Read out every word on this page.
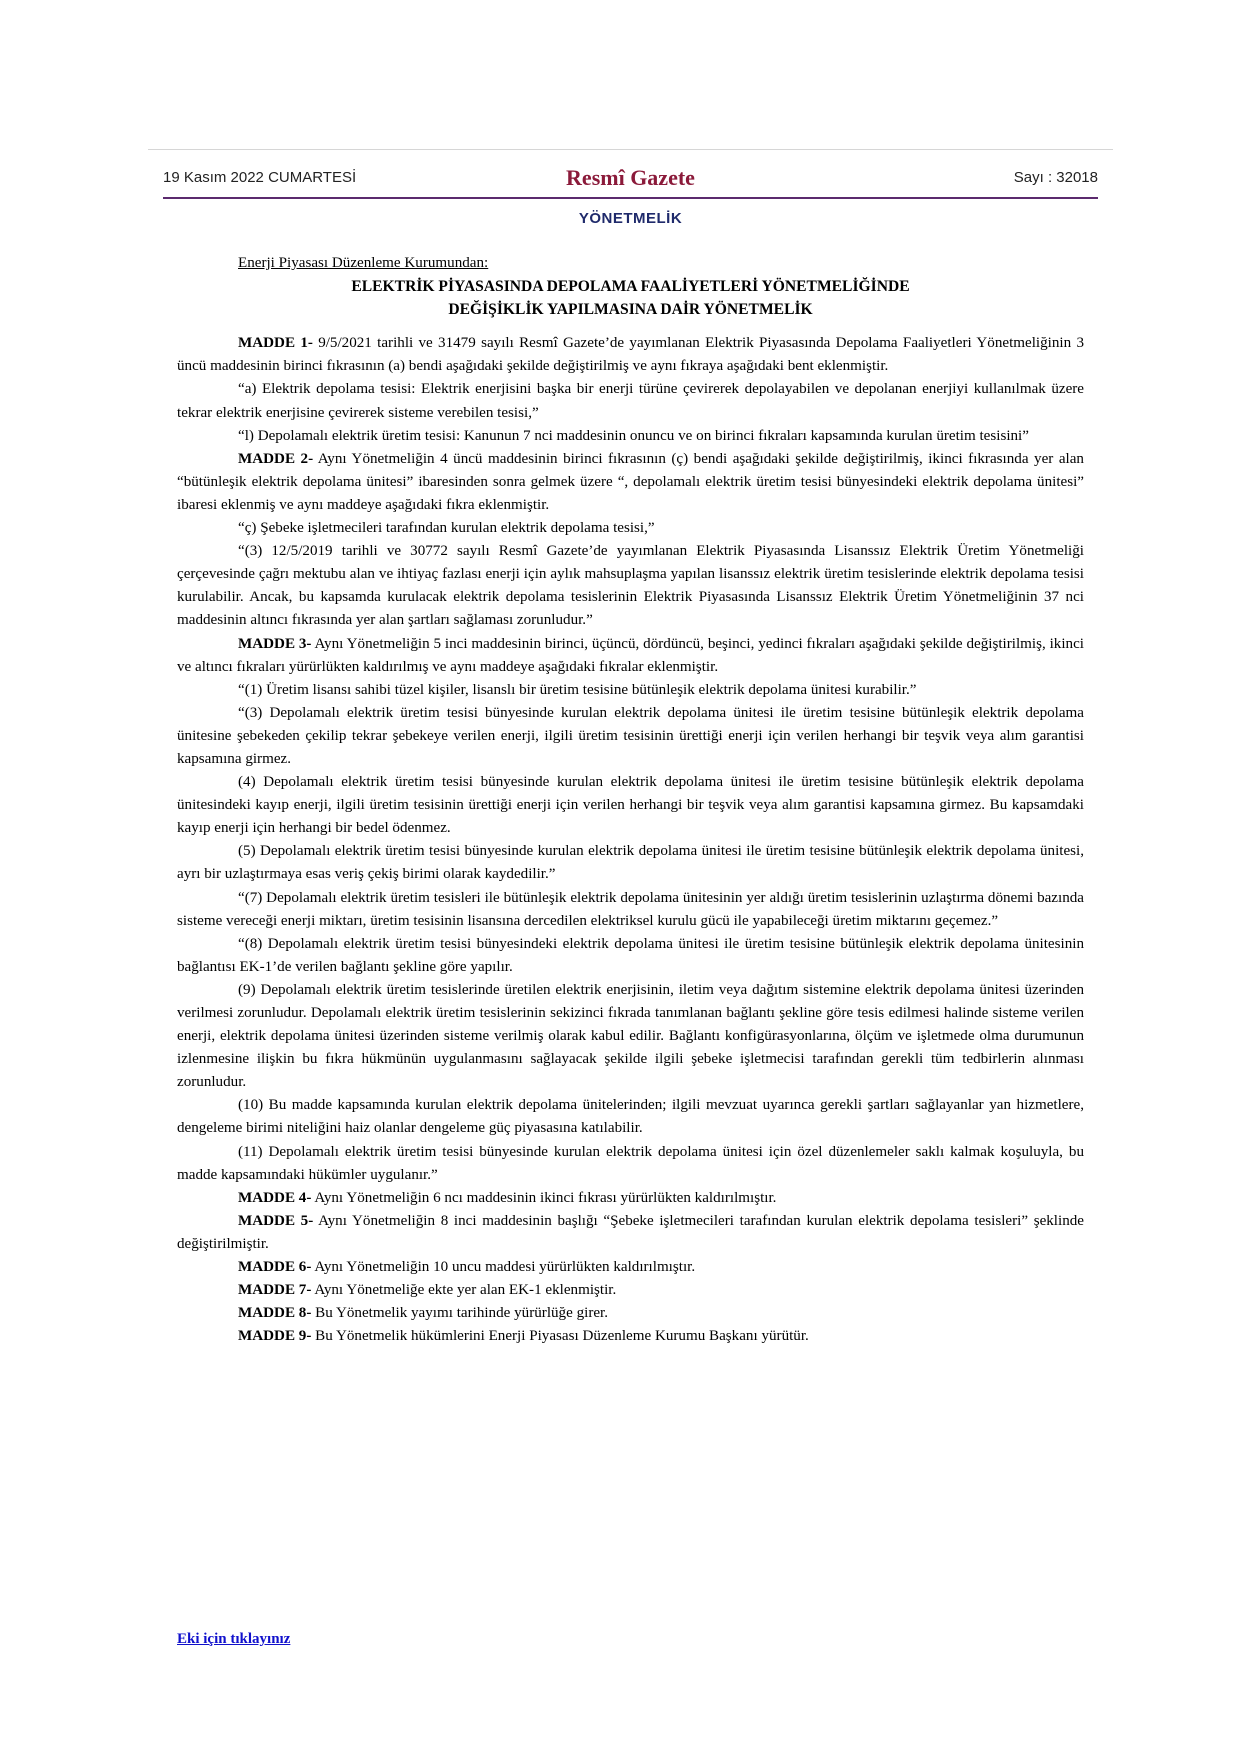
19 Kasım 2022 CUMARTESİ	Resmî Gazete	Sayı : 32018
YÖNETMELİK

Enerji Piyasası Düzenleme Kurumundan:

ELEKTRİK PİYASASINDA DEPOLAMA FAALİYETLERİ YÖNETMELİĞİNDE

DEĞİŞİKLİK YAPILMASINA DAİR YÖNETMELİK

MADDE 1- 9/5/2021 tarihli ve 31479 sayılı Resmî Gazete’de yayımlanan Elektrik Piyasasında Depolama Faaliyetleri Yönetmeliğinin 3 üncü maddesinin birinci fıkrasının (a) bendi aşağıdaki şekilde değiştirilmiş ve aynı fıkraya aşağıdaki bent eklenmiştir.

“a) Elektrik depolama tesisi: Elektrik enerjisini başka bir enerji türüne çevirerek depolayabilen ve depolanan enerjiyi kullanılmak üzere tekrar elektrik enerjisine çevirerek sisteme verebilen tesisi,”

“l) Depolamalı elektrik üretim tesisi: Kanunun 7 nci maddesinin onuncu ve on birinci fıkraları kapsamında kurulan üretim tesisini”

MADDE 2- Aynı Yönetmeliğin 4 üncü maddesinin birinci fıkrasının (ç) bendi aşağıdaki şekilde değiştirilmiş, ikinci fıkrasında yer alan “bütünleşik elektrik depolama ünitesi” ibaresinden sonra gelmek üzere “, depolamalı elektrik üretim tesisi bünyesindeki elektrik depolama ünitesi” ibaresi eklenmiş ve aynı maddeye aşağıdaki fıkra eklenmiştir.

“ç) Şebeke işletmecileri tarafından kurulan elektrik depolama tesisi,”

“(3) 12/5/2019 tarihli ve 30772 sayılı Resmî Gazete’de yayımlanan Elektrik Piyasasında Lisanssız Elektrik Üretim Yönetmeliği çerçevesinde çağrı mektubu alan ve ihtiyaç fazlası enerji için aylık mahsuplaşma yapılan lisanssız elektrik üretim tesislerinde elektrik depolama tesisi kurulabilir. Ancak, bu kapsamda kurulacak elektrik depolama tesislerinin Elektrik Piyasasında Lisanssız Elektrik Üretim Yönetmeliğinin 37 nci maddesinin altıncı fıkrasında yer alan şartları sağlaması zorunludur.”

MADDE 3- Aynı Yönetmeliğin 5 inci maddesinin birinci, üçüncü, dördüncü, beşinci, yedinci fıkraları aşağıdaki şekilde değiştirilmiş, ikinci ve altıncı fıkraları yürürlükten kaldırılmış ve aynı maddeye aşağıdaki fıkralar eklenmiştir.

“(1) Üretim lisansı sahibi tüzel kişiler, lisanslı bir üretim tesisine bütünleşik elektrik depolama ünitesi kurabilir.”

“(3) Depolamalı elektrik üretim tesisi bünyesinde kurulan elektrik depolama ünitesi ile üretim tesisine bütünleşik elektrik depolama ünitesine şebekeden çekilip tekrar şebekeye verilen enerji, ilgili üretim tesisinin ürettiği enerji için verilen herhangi bir teşvik veya alım garantisi kapsamına girmez.

(4) Depolamalı elektrik üretim tesisi bünyesinde kurulan elektrik depolama ünitesi ile üretim tesisine bütünleşik elektrik depolama ünitesindeki kayıp enerji, ilgili üretim tesisinin ürettiği enerji için verilen herhangi bir teşvik veya alım garantisi kapsamına girmez. Bu kapsamdaki kayıp enerji için herhangi bir bedel ödenmez.

(5) Depolamalı elektrik üretim tesisi bünyesinde kurulan elektrik depolama ünitesi ile üretim tesisine bütünleşik elektrik depolama ünitesi, ayrı bir uzlaştırmaya esas veriş çekiş birimi olarak kaydedilir.”

“(7) Depolamalı elektrik üretim tesisleri ile bütünleşik elektrik depolama ünitesinin yer aldığı üretim tesislerinin uzlaştırma dönemi bazında sisteme vereceği enerji miktarı, üretim tesisinin lisansına dercedilen elektriksel kurulu gücü ile yapabileceği üretim miktarını geçemez.”

“(8) Depolamalı elektrik üretim tesisi bünyesindeki elektrik depolama ünitesi ile üretim tesisine bütünleşik elektrik depolama ünitesinin bağlantısı EK-1’de verilen bağlantı şekline göre yapılır.

(9) Depolamalı elektrik üretim tesislerinde üretilen elektrik enerjisinin, iletim veya dağıtım sistemine elektrik depolama ünitesi üzerinden verilmesi zorunludur. Depolamalı elektrik üretim tesislerinin sekizinci fıkrada tanımlanan bağlantı şekline göre tesis edilmesi halinde sisteme verilen enerji, elektrik depolama ünitesi üzerinden sisteme verilmiş olarak kabul edilir. Bağlantı konfigürasyonlarına, ölçüm ve işletmede olma durumunun izlenmesine ilişkin bu fıkra hükmünün uygulanmasını sağlayacak şekilde ilgili şebeke işletmecisi tarafından gerekli tüm tedbirlerin alınması zorunludur.

(10) Bu madde kapsamında kurulan elektrik depolama ünitelerinden; ilgili mevzuat uyarınca gerekli şartları sağlayanlar yan hizmetlere, dengeleme birimi niteliğini haiz olanlar dengeleme güç piyasasına katılabilir.

(11) Depolamalı elektrik üretim tesisi bünyesinde kurulan elektrik depolama ünitesi için özel düzenlemeler saklı kalmak koşuluyla, bu madde kapsamındaki hükümler uygulanır.”

MADDE 4- Aynı Yönetmeliğin 6 ncı maddesinin ikinci fıkrası yürürlükten kaldırılmıştır.

MADDE 5- Aynı Yönetmeliğin 8 inci maddesinin başlığı “Şebeke işletmecileri tarafından kurulan elektrik depolama tesisleri” şeklinde değiştirilmiştir.

MADDE 6- Aynı Yönetmeliğin 10 uncu maddesi yürürlükten kaldırılmıştır.

MADDE 7- Aynı Yönetmeliğe ekte yer alan EK-1 eklenmiştir.

MADDE 8- Bu Yönetmelik yayımı tarihinde yürürlüğe girer.

MADDE 9- Bu Yönetmelik hükümlerini Enerji Piyasası Düzenleme Kurumu Başkanı yürütür.

Eki için tıklayınız
